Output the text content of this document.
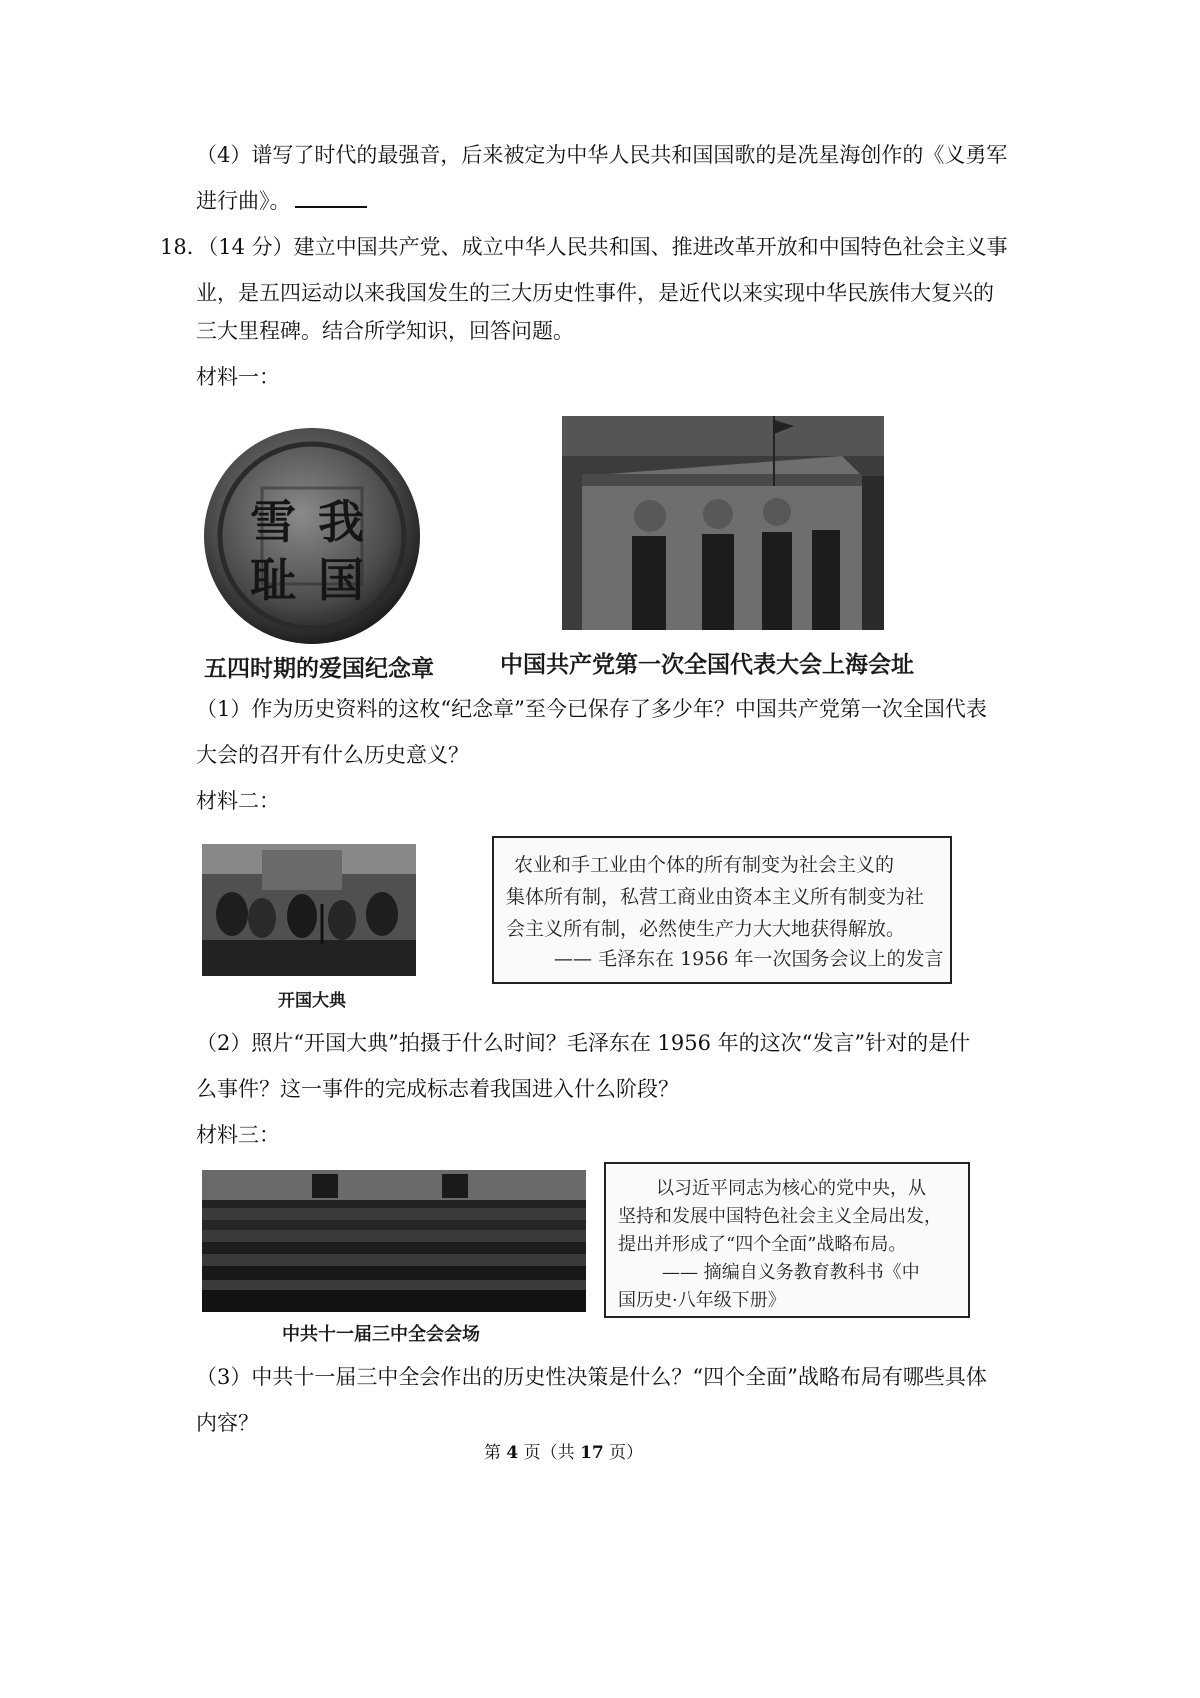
（4）谱写了时代的最强音，后来被定为中华人民共和国国歌的是冼星海创作的《义勇军
进行曲》。
18．（14 分）建立中国共产党、成立中华人民共和国、推进改革开放和中国特色社会主义事
业，是五四运动以来我国发生的三大历史性事件，是近代以来实现中华民族伟大复兴的
三大里程碑。结合所学知识，回答问题。
材料一：
我
国
雪
耻
五四时期的爱国纪念章	中国共产党第一次全国代表大会上海会址
（1）作为历史资料的这枚“纪念章”至今已保存了多少年？中国共产党第一次全国代表
大会的召开有什么历史意义？
材料二：
开国大典
农业和手工业由个体的所有制变为社会主义的
集体所有制，私营工商业由资本主义所有制变为社
会主义所有制，必然使生产力大大地获得解放。
—— 毛泽东在 1956 年一次国务会议上的发言
（2）照片“开国大典”拍摄于什么时间？毛泽东在 1956 年的这次“发言”针对的是什
么事件？这一事件的完成标志着我国进入什么阶段？
材料三：
中共十一届三中全会会场
以习近平同志为核心的党中央，从
坚持和发展中国特色社会主义全局出发，
提出并形成了“四个全面”战略布局。
—— 摘编自义务教育教科书《中
国历史·八年级下册》
（3）中共十一届三中全会作出的历史性决策是什么？“四个全面”战略布局有哪些具体
内容？
第 4 页（共 17 页）
